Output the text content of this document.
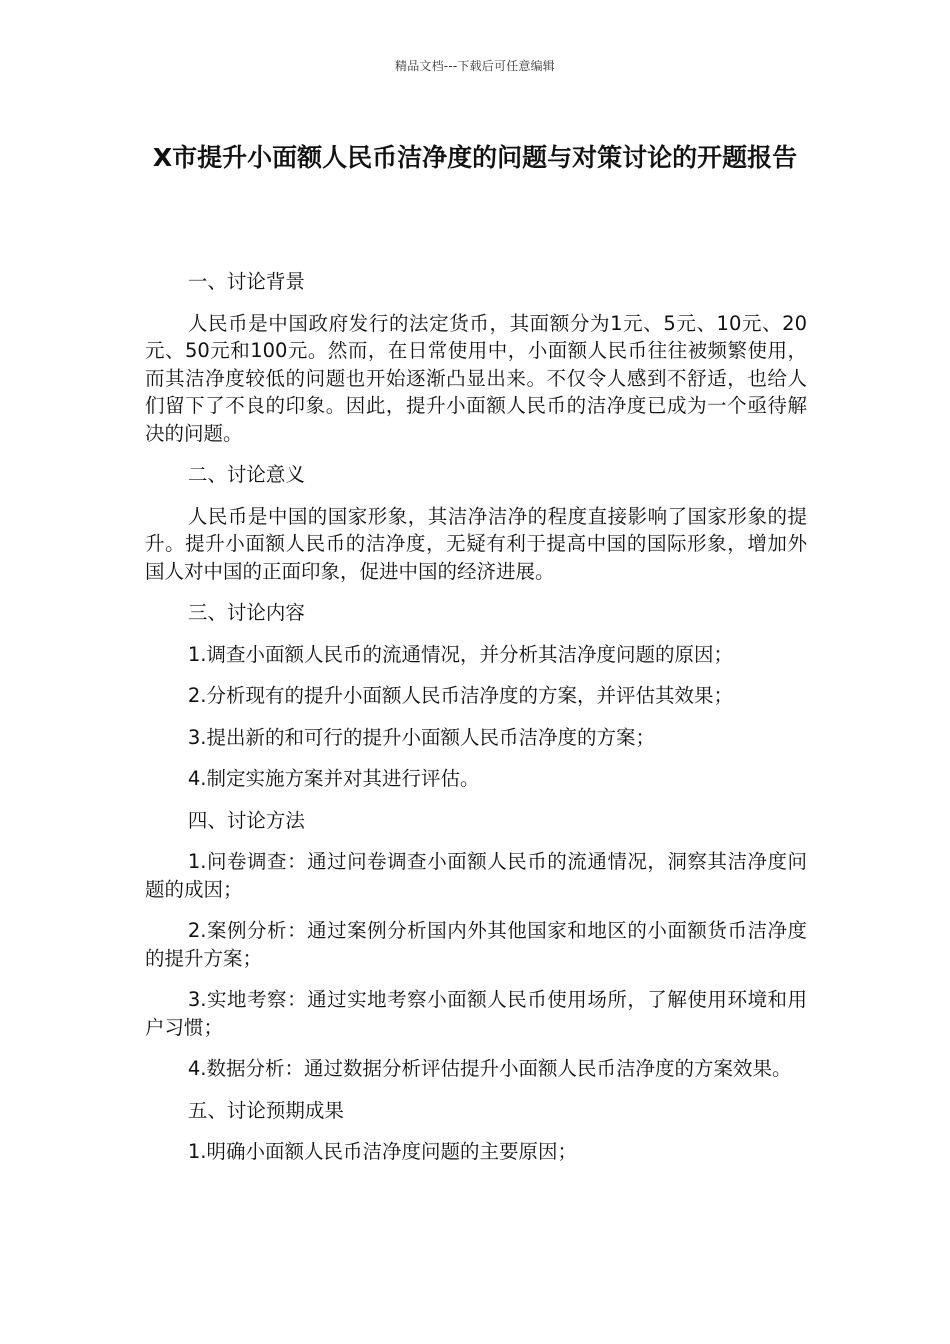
精品文档---下载后可任意编辑
X市提升小面额人民币洁净度的问题与对策讨论的开题报告

一、讨论背景

人民币是中国政府发行的法定货币，其面额分为1元、5元、10元、20元、50元和100元。然而，在日常使用中，小面额人民币往往被频繁使用，而其洁净度较低的问题也开始逐渐凸显出来。不仅令人感到不舒适，也给人们留下了不良的印象。因此，提升小面额人民币的洁净度已成为一个亟待解决的问题。

二、讨论意义

人民币是中国的国家形象，其洁净洁净的程度直接影响了国家形象的提升。提升小面额人民币的洁净度，无疑有利于提高中国的国际形象，增加外国人对中国的正面印象，促进中国的经济进展。

三、讨论内容

1.调查小面额人民币的流通情况，并分析其洁净度问题的原因；

2.分析现有的提升小面额人民币洁净度的方案，并评估其效果；

3.提出新的和可行的提升小面额人民币洁净度的方案；

4.制定实施方案并对其进行评估。

四、讨论方法

1.问卷调查：通过问卷调查小面额人民币的流通情况，洞察其洁净度问题的成因；

2.案例分析：通过案例分析国内外其他国家和地区的小面额货币洁净度的提升方案；

3.实地考察：通过实地考察小面额人民币使用场所，了解使用环境和用户习惯；

4.数据分析：通过数据分析评估提升小面额人民币洁净度的方案效果。

五、讨论预期成果

1.明确小面额人民币洁净度问题的主要原因；
